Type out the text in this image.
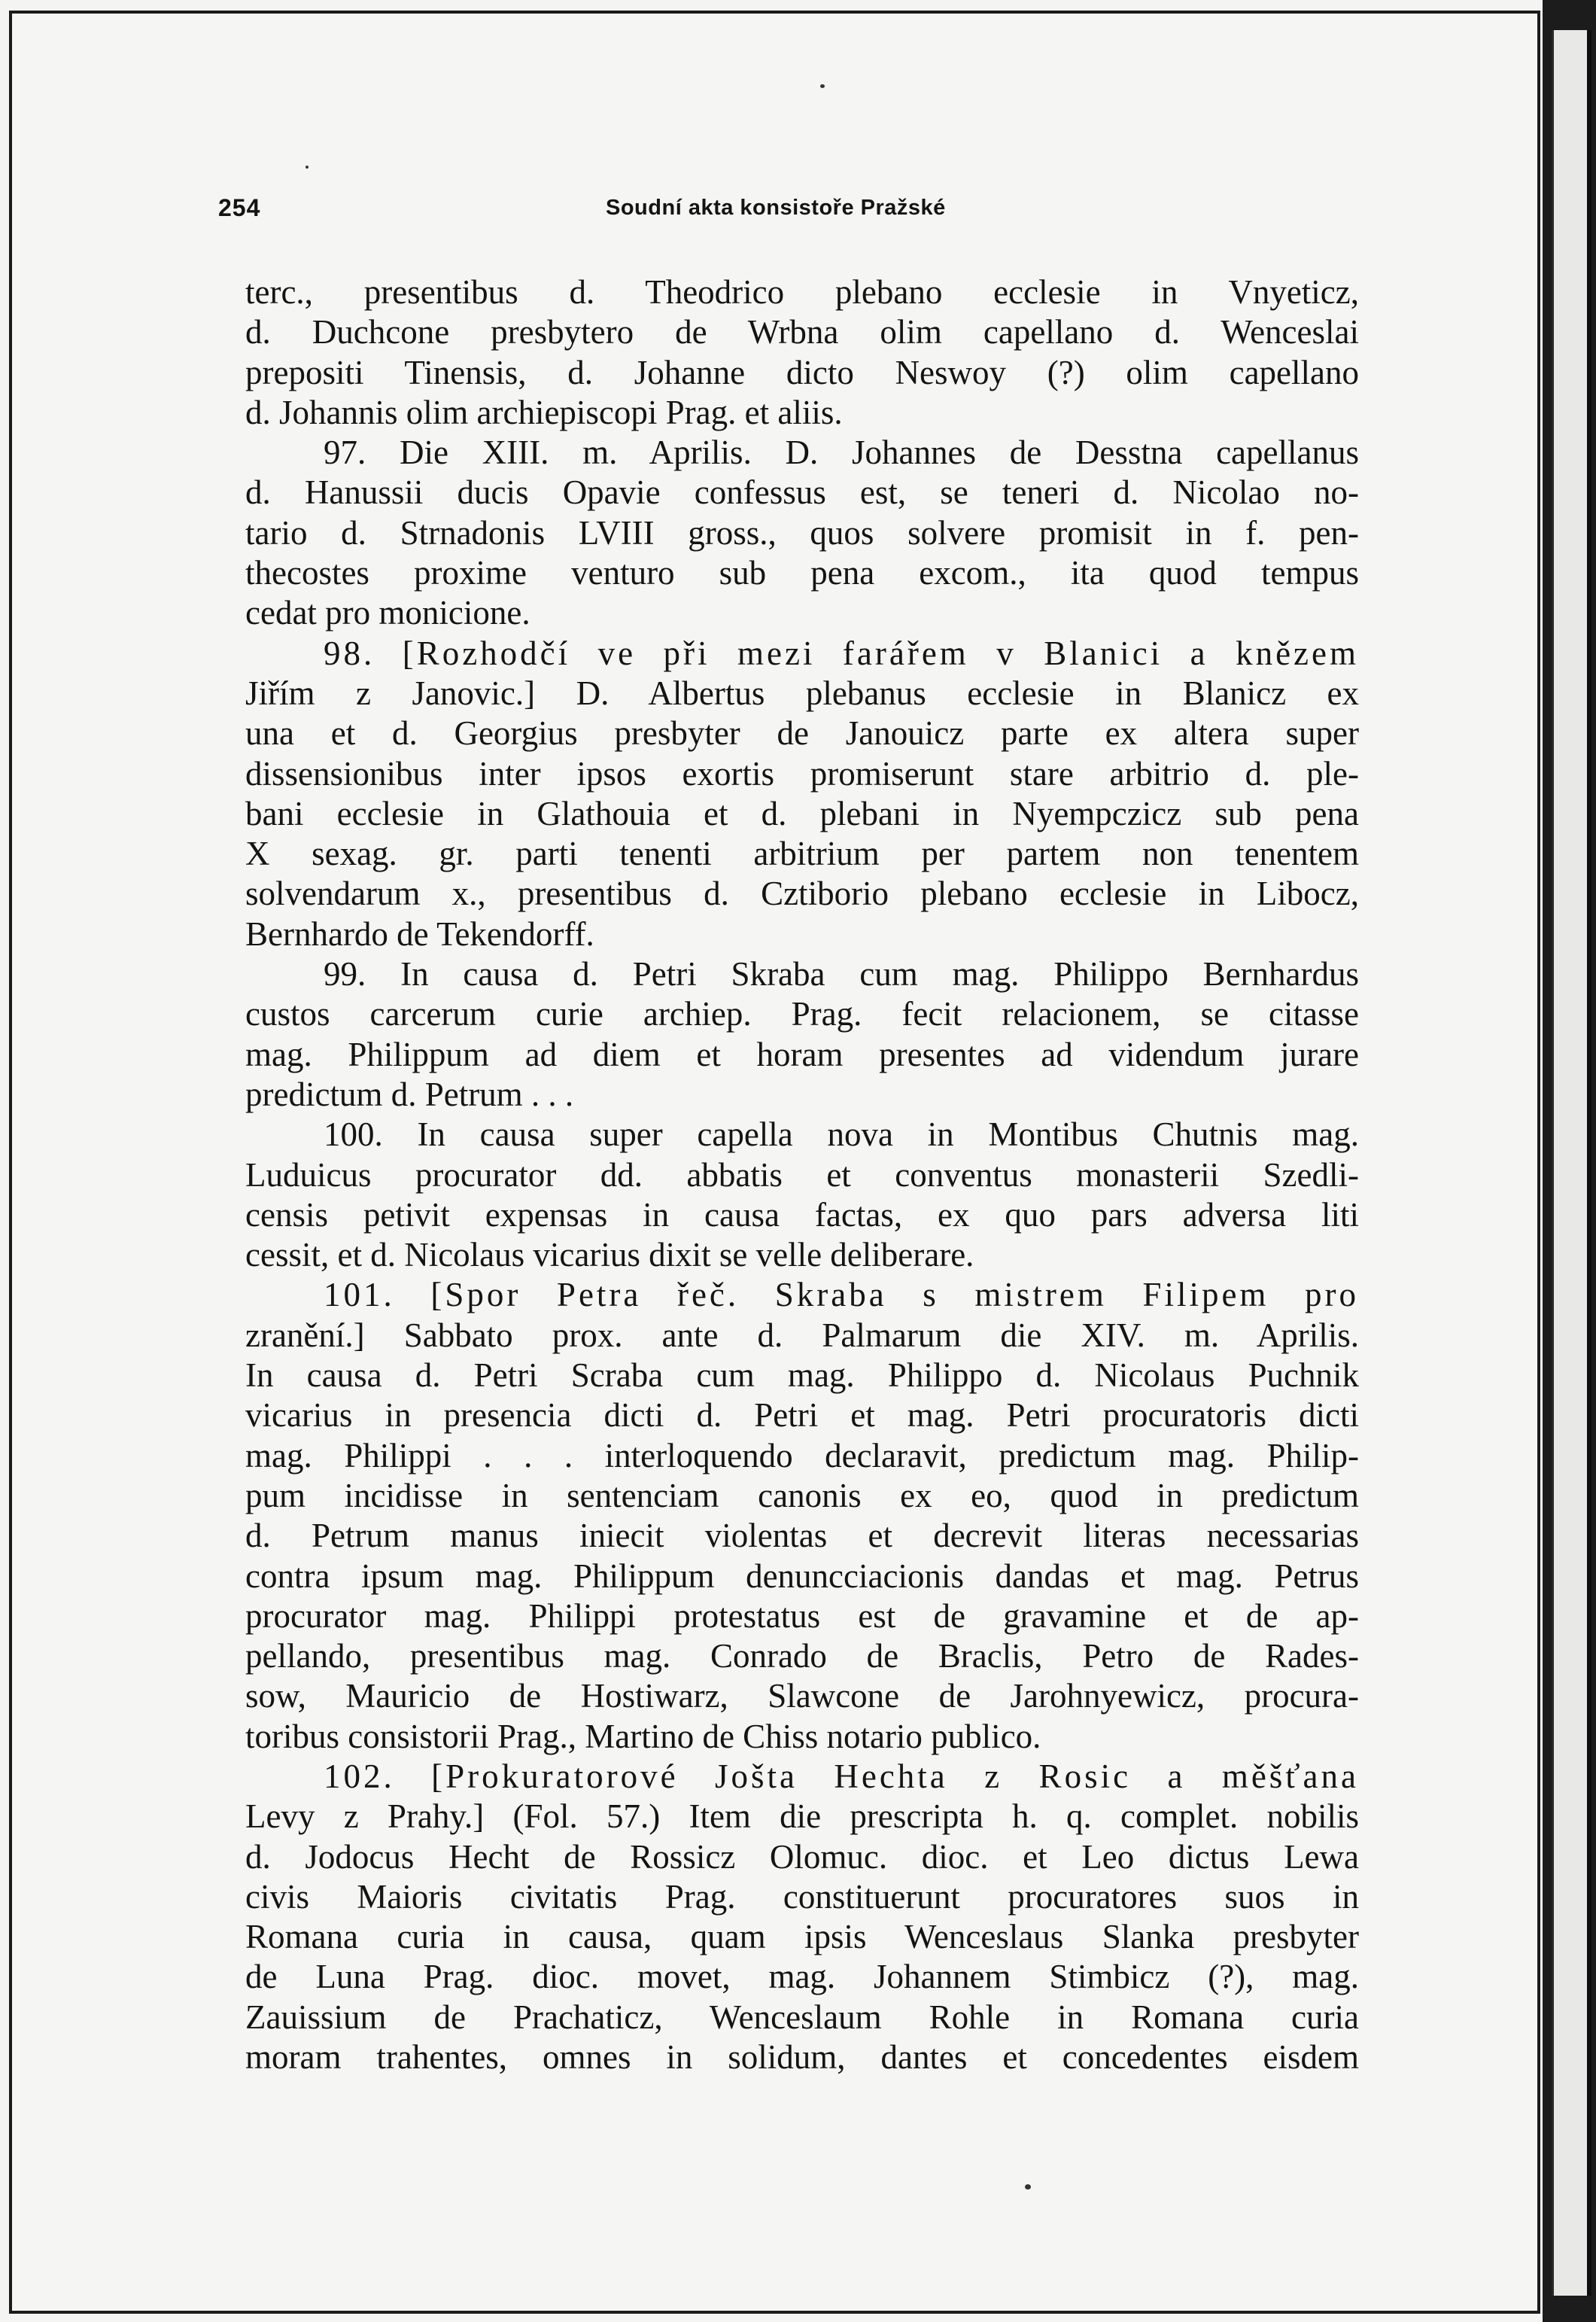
254	Soudní akta konsistoře Pražské
terc., presentibus d. Theodrico plebano ecclesie in Vnyeticz,
d. Duchcone presbytero de Wrbna olim capellano d. Wenceslai
prepositi Tinensis, d. Johanne dicto Neswoy (?) olim capellano
d. Johannis olim archiepiscopi Prag. et aliis.
97. Die XIII. m. Aprilis. D. Johannes de Desstna capellanus
d. Hanussii ducis Opavie confessus est, se teneri d. Nicolao no-
tario d. Strnadonis LVIII gross., quos solvere promisit in f. pen-
thecostes proxime venturo sub pena excom., ita quod tempus
cedat pro monicione.
98. [Rozhodčí ve při mezi farářem v Blanici a knězem
Jiřím z Janovic.] D. Albertus plebanus ecclesie in Blanicz ex
una et d. Georgius presbyter de Janouicz parte ex altera super
dissensionibus inter ipsos exortis promiserunt stare arbitrio d. ple-
bani ecclesie in Glathouia et d. plebani in Nyempczicz sub pena
X sexag. gr. parti tenenti arbitrium per partem non tenentem
solvendarum x., presentibus d. Cztiborio plebano ecclesie in Libocz,
Bernhardo de Tekendorff.
99. In causa d. Petri Skraba cum mag. Philippo Bernhardus
custos carcerum curie archiep. Prag. fecit relacionem, se citasse
mag. Philippum ad diem et horam presentes ad videndum jurare
predictum d. Petrum . . .
100. In causa super capella nova in Montibus Chutnis mag.
Luduicus procurator dd. abbatis et conventus monasterii Szedli-
censis petivit expensas in causa factas, ex quo pars adversa liti
cessit, et d. Nicolaus vicarius dixit se velle deliberare.
101. [Spor Petra řeč. Skraba s mistrem Filipem pro
zranění.] Sabbato prox. ante d. Palmarum die XIV. m. Aprilis.
In causa d. Petri Scraba cum mag. Philippo d. Nicolaus Puchnik
vicarius in presencia dicti d. Petri et mag. Petri procuratoris dicti
mag. Philippi . . . interloquendo declaravit, predictum mag. Philip-
pum incidisse in sentenciam canonis ex eo, quod in predictum
d. Petrum manus iniecit violentas et decrevit literas necessarias
contra ipsum mag. Philippum denuncciacionis dandas et mag. Petrus
procurator mag. Philippi protestatus est de gravamine et de ap-
pellando, presentibus mag. Conrado de Braclis, Petro de Rades-
sow, Mauricio de Hostiwarz, Slawcone de Jarohnyewicz, procura-
toribus consistorii Prag., Martino de Chiss notario publico.
102. [Prokuratorové Jošta Hechta z Rosic a měšťana
Levy z Prahy.] (Fol. 57.) Item die prescripta h. q. complet. nobilis
d. Jodocus Hecht de Rossicz Olomuc. dioc. et Leo dictus Lewa
civis Maioris civitatis Prag. constituerunt procuratores suos in
Romana curia in causa, quam ipsis Wenceslaus Slanka presbyter
de Luna Prag. dioc. movet, mag. Johannem Stimbicz (?), mag.
Zauissium de Prachaticz, Wenceslaum Rohle in Romana curia
moram trahentes, omnes in solidum, dantes et concedentes eisdem
